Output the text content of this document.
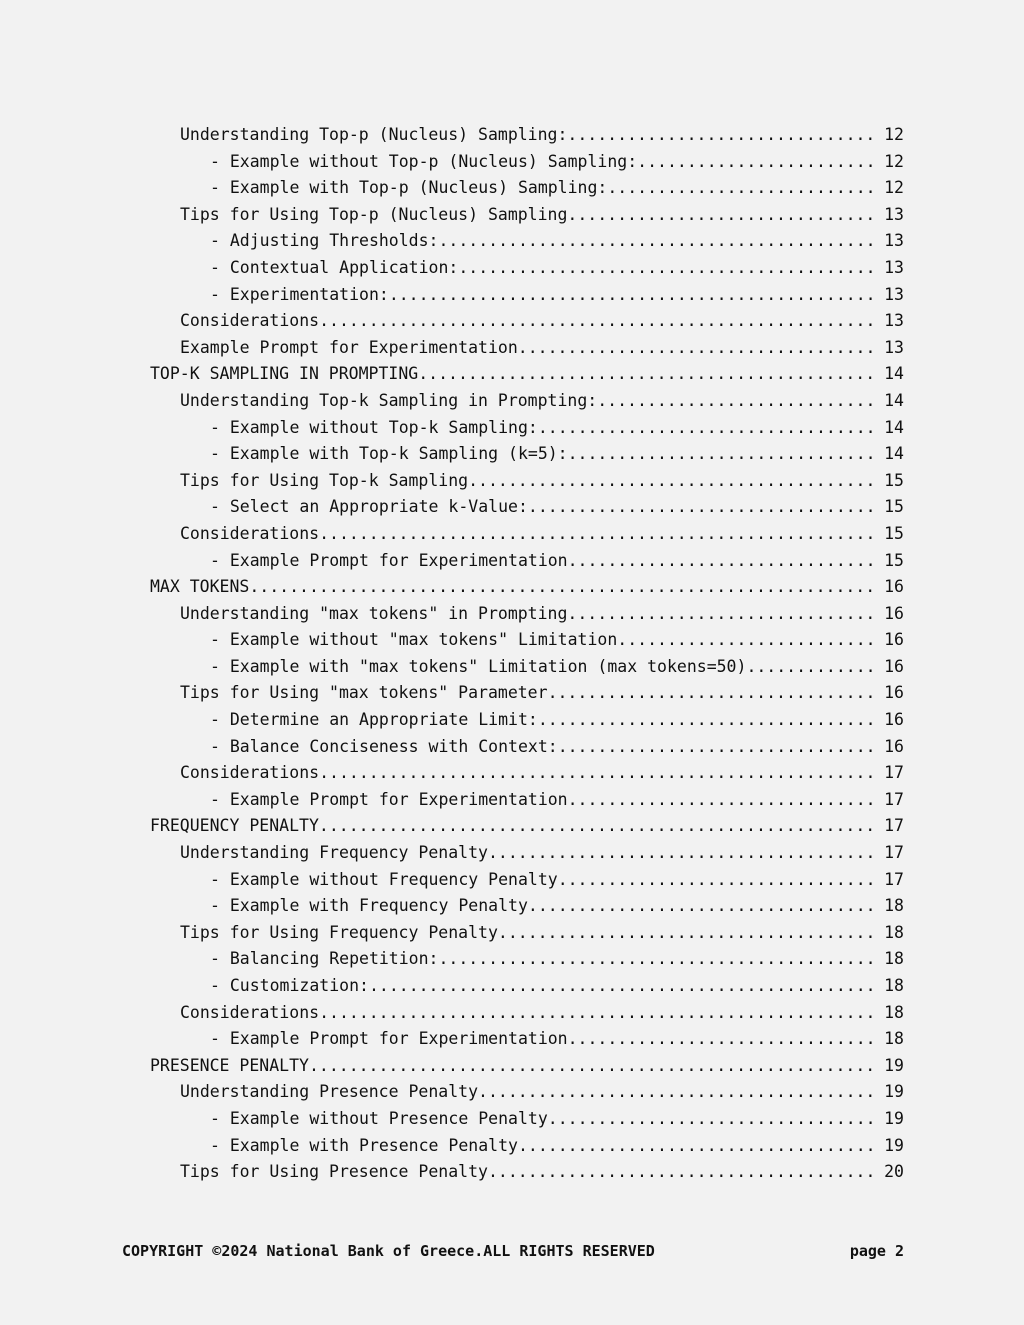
Understanding Top-p (Nucleus) Sampling: .....	12
- Example without Top-p (Nucleus) Sampling: .....	12
- Example with Top-p (Nucleus) Sampling: .....	12
Tips for Using Top-p (Nucleus) Sampling .....	13
- Adjusting Thresholds: .....	13
- Contextual Application: .....	13
- Experimentation: .....	13
Considerations .....	13
Example Prompt for Experimentation .....	13
TOP-K SAMPLING IN PROMPTING .....	14
Understanding Top-k Sampling in Prompting: .....	14
- Example without Top-k Sampling: .....	14
- Example with Top-k Sampling (k=5): .....	14
Tips for Using Top-k Sampling .....	15
- Select an Appropriate k-Value: .....	15
Considerations .....	15
- Example Prompt for Experimentation .....	15
MAX TOKENS .....	16
Understanding "max tokens" in Prompting .....	16
- Example without "max tokens" Limitation .....	16
- Example with "max tokens" Limitation (max tokens=50) .....	16
Tips for Using "max tokens" Parameter .....	16
- Determine an Appropriate Limit: .....	16
- Balance Conciseness with Context: .....	16
Considerations .....	17
- Example Prompt for Experimentation .....	17
FREQUENCY PENALTY .....	17
Understanding Frequency Penalty .....	17
- Example without Frequency Penalty .....	17
- Example with Frequency Penalty .....	18
Tips for Using Frequency Penalty .....	18
- Balancing Repetition: .....	18
- Customization: .....	18
Considerations .....	18
- Example Prompt for Experimentation .....	18
PRESENCE PENALTY .....	19
Understanding Presence Penalty .....	19
- Example without Presence Penalty .....	19
- Example with Presence Penalty .....	19
Tips for Using Presence Penalty .....	20
COPYRIGHT ©2024 National Bank of Greece.ALL RIGHTS RESERVED	page 2
